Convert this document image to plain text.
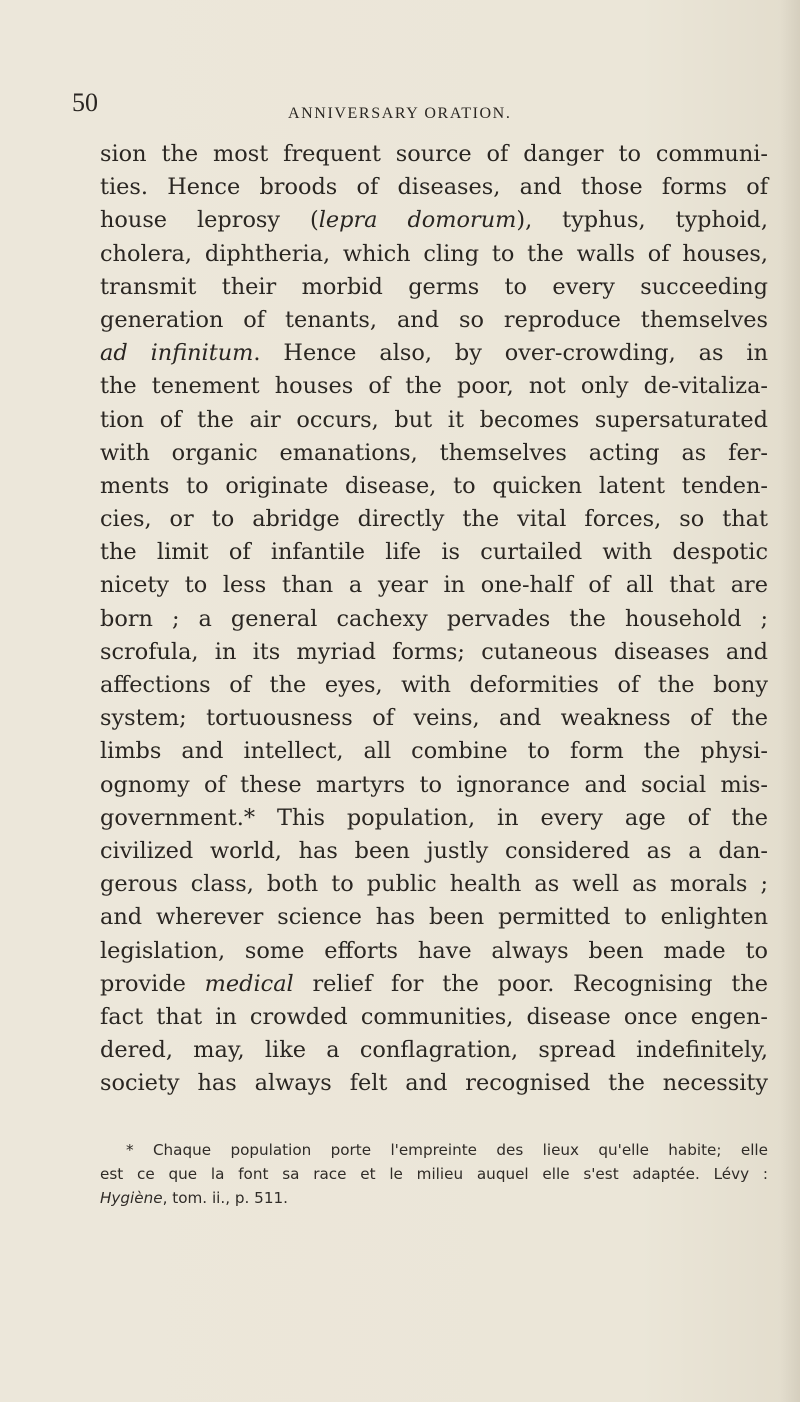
50	ANNIVERSARY ORATION.
sion the most frequent source of danger to communi-
ties. Hence broods of diseases, and those forms of
house leprosy (lepra domorum), typhus, typhoid,
cholera, diphtheria, which cling to the walls of houses,
transmit their morbid germs to every succeeding
generation of tenants, and so reproduce themselves
ad infinitum. Hence also, by over-crowding, as in
the tenement houses of the poor, not only de-vitaliza-
tion of the air occurs, but it becomes supersaturated
with organic emanations, themselves acting as fer-
ments to originate disease, to quicken latent tenden-
cies, or to abridge directly the vital forces, so that
the limit of infantile life is curtailed with despotic
nicety to less than a year in one-half of all that are
born ; a general cachexy pervades the household ;
scrofula, in its myriad forms; cutaneous diseases and
affections of the eyes, with deformities of the bony
system; tortuousness of veins, and weakness of the
limbs and intellect, all combine to form the physi-
ognomy of these martyrs to ignorance and social mis-
government.* This population, in every age of the
civilized world, has been justly considered as a dan-
gerous class, both to public health as well as morals ;
and wherever science has been permitted to enlighten
legislation, some efforts have always been made to
provide medical relief for the poor. Recognising the
fact that in crowded communities, disease once engen-
dered, may, like a conflagration, spread indefinitely,
society has always felt and recognised the necessity
* Chaque population porte l'empreinte des lieux qu'elle habite; elle
est ce que la font sa race et le milieu auquel elle s'est adaptée. Lévy :
Hygiène, tom. ii., p. 511.
